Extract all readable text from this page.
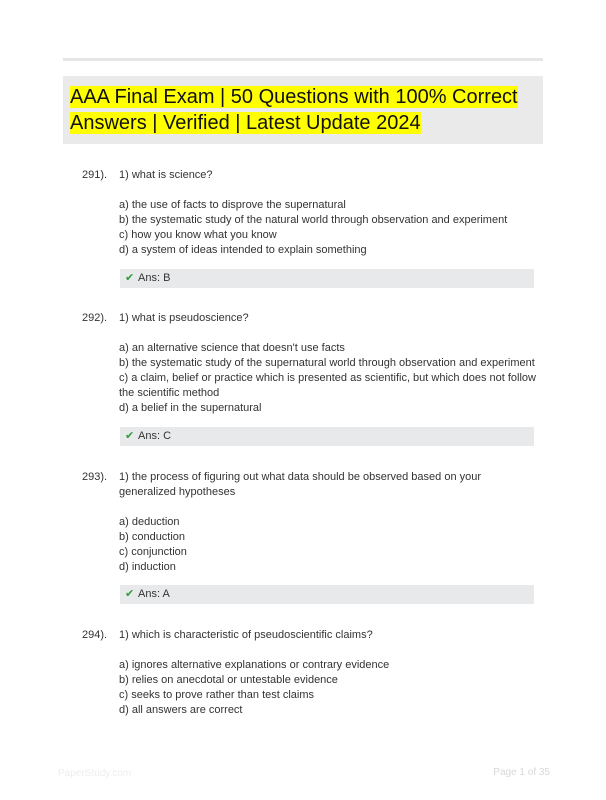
AAA Final Exam | 50 Questions with 100% Correct Answers | Verified | Latest Update 2024
291). 1) what is science?

a) the use of facts to disprove the supernatural

b) the systematic study of the natural world through observation and experiment

c) how you know what you know

d) a system of ideas intended to explain something

✔ Ans: B
292). 1) what is pseudoscience?

a) an alternative science that doesn't use facts

b) the systematic study of the supernatural world through observation and experiment

c) a claim, belief or practice which is presented as scientific, but which does not follow the scientific method

d) a belief in the supernatural

✔ Ans: C
293). 1) the process of figuring out what data should be observed based on your generalized hypotheses

a) deduction

b) conduction

c) conjunction

d) induction

✔ Ans: A
294). 1) which is characteristic of pseudoscientific claims?

a) ignores alternative explanations or contrary evidence

b) relies on anecdotal or untestable evidence

c) seeks to prove rather than test claims

d) all answers are correct

PaperStudy.com	Page 1 of 35
